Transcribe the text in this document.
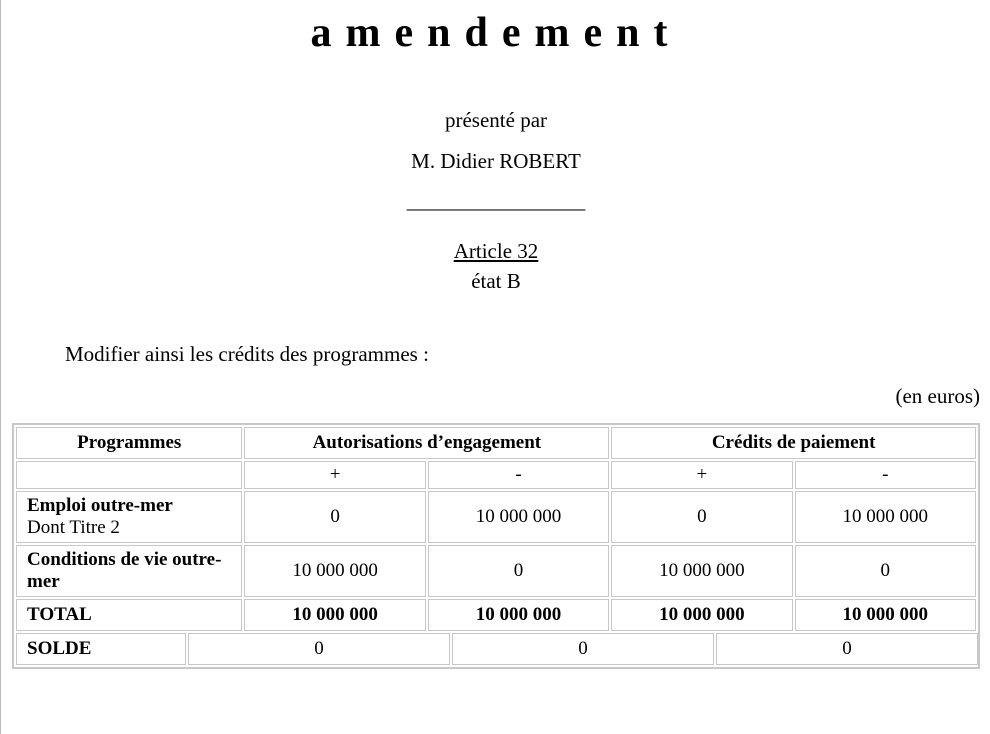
amendement
présenté par
M. Didier ROBERT
_________________
Article 32
état B
Modifier ainsi les crédits des programmes :
(en euros)
Programmes	Autorisations d’engagement		Crédits de paiement	
	+	-	+	-

Emploi outre-mer
Dont Titre 2	0	10 000 000	0	10 000 000

Conditions de vie outre-mer	10 000 000	0	10 000 000	0
TOTAL	10 000 000	10 000 000	10 000 000	10 000 000
SOLDE	0	0	0
